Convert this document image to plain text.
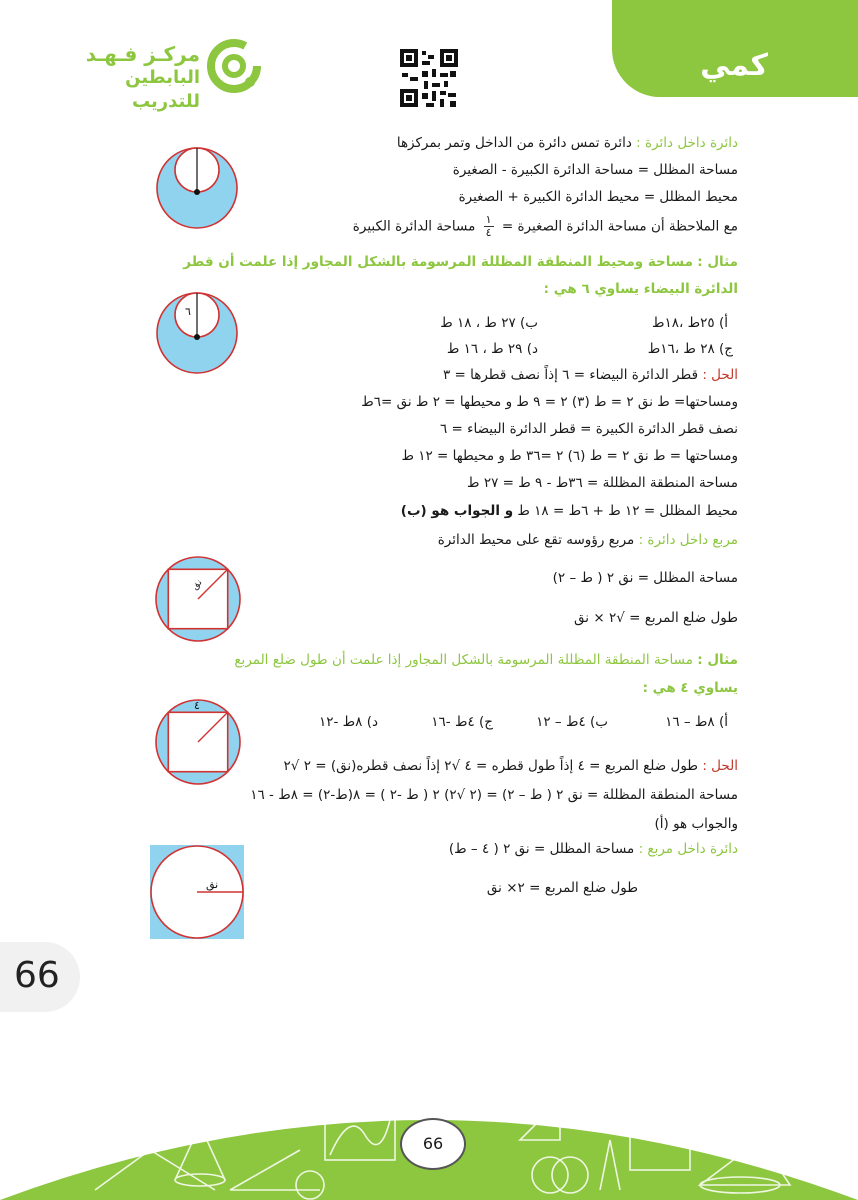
كمي
مركـز فـهـد
البابطين للتدريب
دائرة داخل دائرة : دائرة تمس دائرة من الداخل وتمر بمركزها
مساحة المظلل = مساحة الدائرة الكبيرة - الصغيرة
محيط المظلل = محيط الدائرة الكبيرة + الصغيرة
مع الملاحظة أن مساحة الدائرة الصغيرة =
$\frac{١}{٤}$
مساحة الدائرة الكبيرة
مثال : مساحة ومحيط المنطقة المظللة المرسومة بالشكل المجاور إذا علمت أن قطر
الدائرة البيضاء يساوي ٦ هي :
٦
أ) ٢٥ط ،١٨ط
ب) ٢٧ ط ، ١٨ ط
ج) ٢٨ ط ،١٦ط
د) ٢٩ ط ، ١٦ ط
الحل : قطر الدائرة البيضاء = ٦ إذاً نصف قطرها = ٣
ومساحتها= ط نق ٢ = ط (٣) ٢ = ٩ ط و محيطها = ٢ ط نق =٦ط
نصف قطر الدائرة الكبيرة = قطر الدائرة البيضاء = ٦
ومساحتها = ط نق ٢ = ط (٦) ٢ =٣٦ ط و محيطها = ١٢ ط
مساحة المنطقة المظللة = ٣٦ط - ٩ ط = ٢٧ ط
محيط المظلل = ١٢ ط + ٦ط = ١٨ ط و الجواب هو (ب)
مربع داخل دائرة : مربع رؤوسه تقع على محيط الدائرة
مساحة المظلل = نق ٢ ( ط – ٢)
طول ضلع المربع = √٢ × نق
نق
مثال : مساحة المنطقة المظللة المرسومة بالشكل المجاور إذا علمت أن طول ضلع المربع
يساوي ٤ هي :
٤
أ) ٨ط – ١٦
ب) ٤ط – ١٢
ج) ٤ط -١٦
د) ٨ط -١٢
الحل : طول ضلع المربع = ٤ إذاً طول قطره = ٤ √٢ إذاً نصف قطره(نق) = ٢ √٢
مساحة المنطقة المظللة = نق ٢ ( ط – ٢) = (٢ √٢) ٢ ( ط -٢ ) = ٨(ط-٢) = ٨ط - ١٦
والجواب هو (أ)
دائرة داخل مربع : مساحة المظلل = نق ٢ ( ٤ – ط)
طول ضلع المربع = ٢× نق
نق
66
66
